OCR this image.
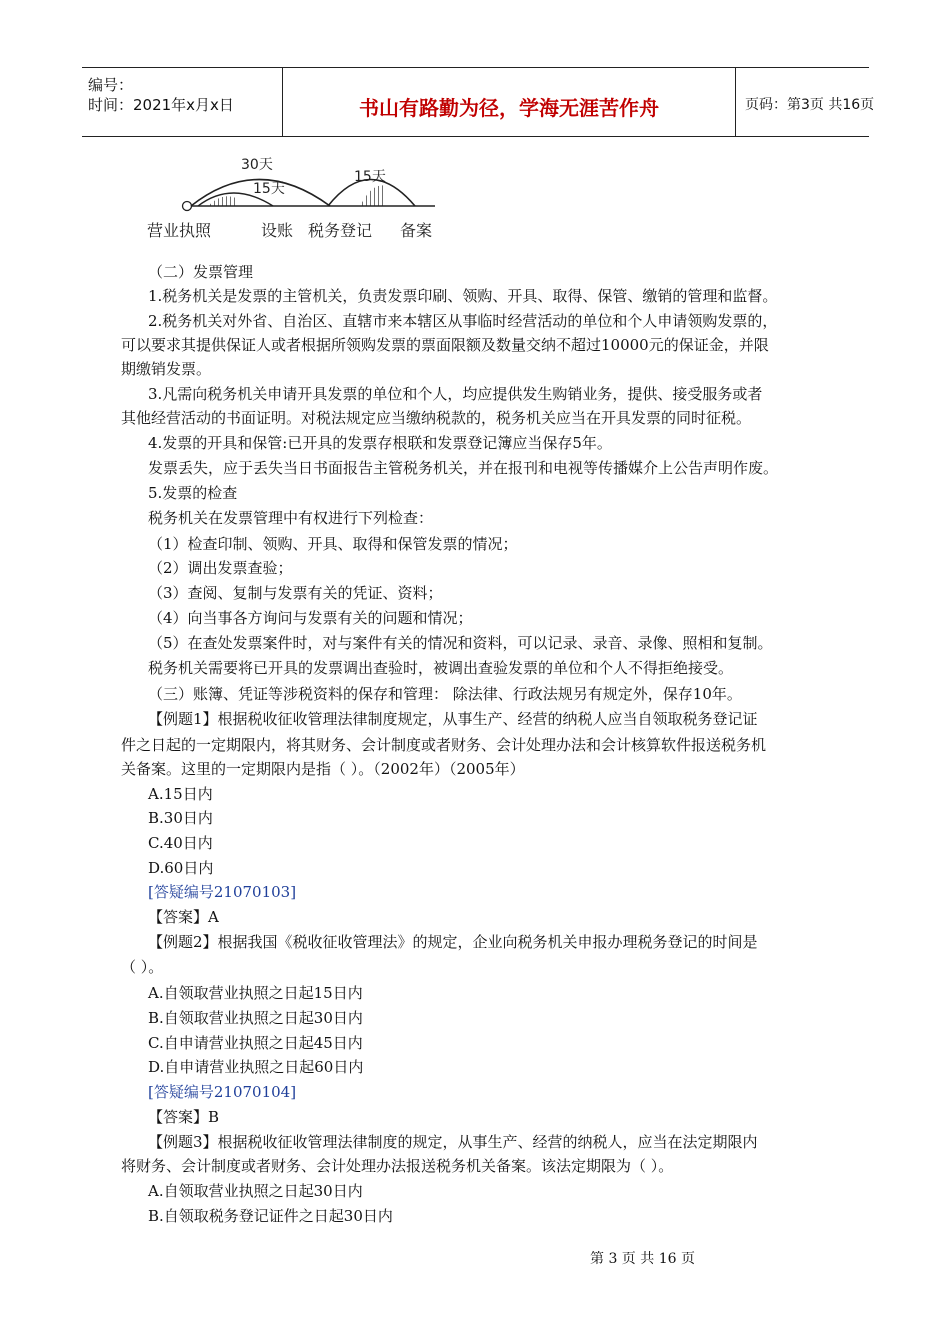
编号：
时间：2021年x月x日	书山有路勤为径，学海无涯苦作舟	页码：第3页 共16页
30天
15天
15天
营业执照	设账 税务登记 备案
（二）发票管理
1.税务机关是发票的主管机关，负责发票印刷、领购、开具、取得、保管、缴销的管理和监督。
2.税务机关对外省、自治区、直辖市来本辖区从事临时经营活动的单位和个人申请领购发票的，
可以要求其提供保证人或者根据所领购发票的票面限额及数量交纳不超过10000元的保证金，并限
期缴销发票。
3.凡需向税务机关申请开具发票的单位和个人，均应提供发生购销业务，提供、接受服务或者
其他经营活动的书面证明。对税法规定应当缴纳税款的，税务机关应当在开具发票的同时征税。
4.发票的开具和保管:已开具的发票存根联和发票登记簿应当保存5年。
发票丢失，应于丢失当日书面报告主管税务机关，并在报刊和电视等传播媒介上公告声明作废。
5.发票的检查
税务机关在发票管理中有权进行下列检查：
（1）检查印制、领购、开具、取得和保管发票的情况；
（2）调出发票查验；
（3）查阅、复制与发票有关的凭证、资料；
（4）向当事各方询问与发票有关的问题和情况；
（5）在查处发票案件时，对与案件有关的情况和资料，可以记录、录音、录像、照相和复制。
税务机关需要将已开具的发票调出查验时，被调出查验发票的单位和个人不得拒绝接受。
（三）账簿、凭证等涉税资料的保存和管理： 除法律、行政法规另有规定外，保存10年。
【例题1】根据税收征收管理法律制度规定，从事生产、经营的纳税人应当自领取税务登记证
件之日起的一定期限内，将其财务、会计制度或者财务、会计处理办法和会计核算软件报送税务机
关备案。这里的一定期限内是指（ ）。（2002年）（2005年）
A.15日内
B.30日内
C.40日内
D.60日内
[答疑编号21070103]
【答案】A
【例题2】根据我国《税收征收管理法》的规定，企业向税务机关申报办理税务登记的时间是
（ ）。
A.自领取营业执照之日起15日内
B.自领取营业执照之日起30日内
C.自申请营业执照之日起45日内
D.自申请营业执照之日起60日内
[答疑编号21070104]
【答案】B
【例题3】根据税收征收管理法律制度的规定，从事生产、经营的纳税人，应当在法定期限内
将财务、会计制度或者财务、会计处理办法报送税务机关备案。该法定期限为（ ）。
A.自领取营业执照之日起30日内
B.自领取税务登记证件之日起30日内
第 3 页 共 16 页
